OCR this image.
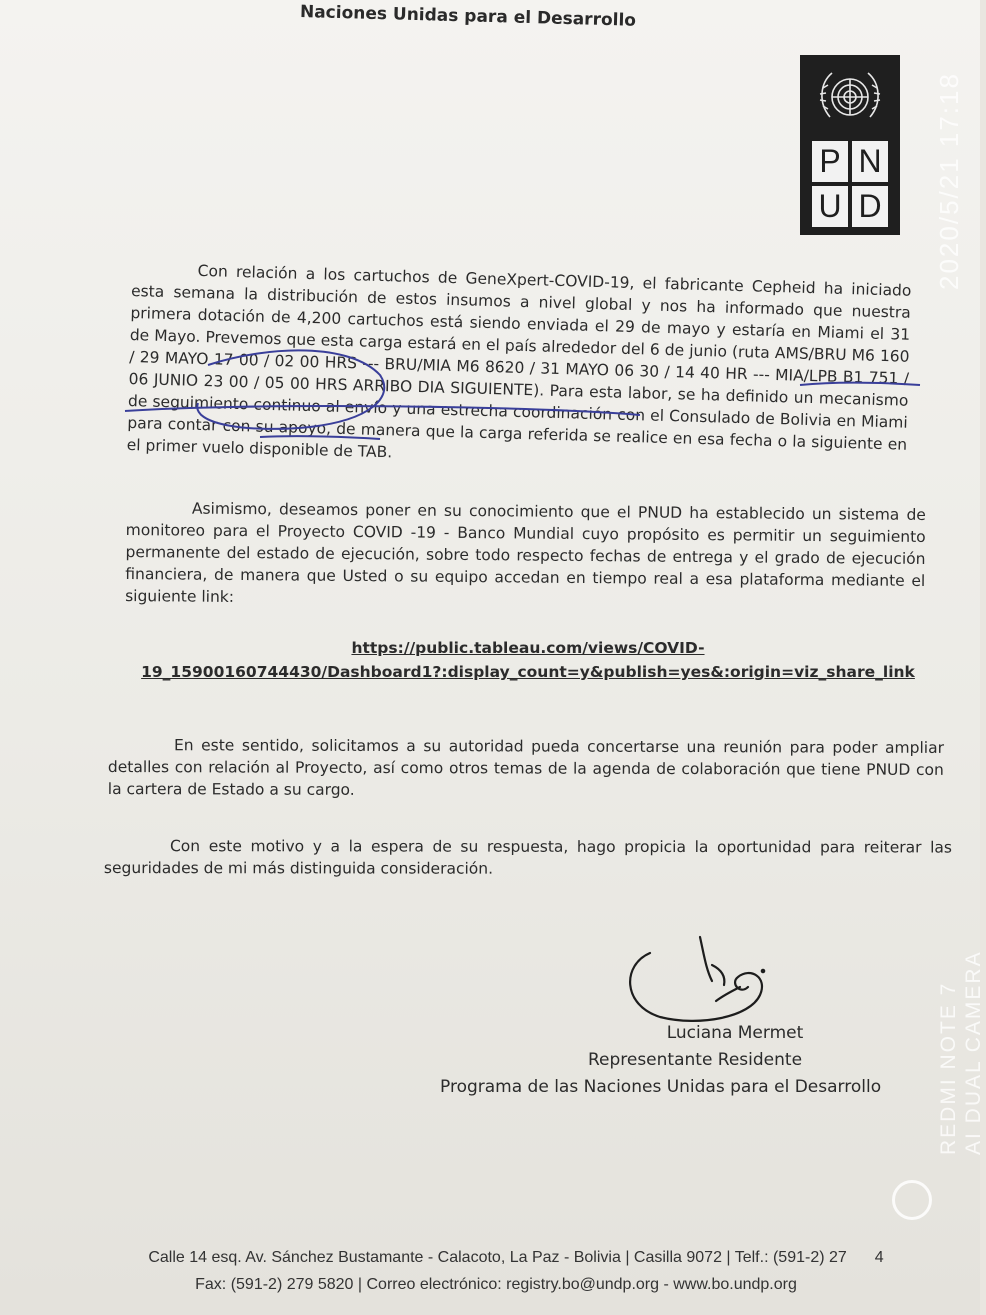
Naciones Unidas para el Desarrollo
P N
U D 2020/5/21 17:18
Con relación a los cartuchos de GeneXpert-COVID-19, el fabricante Cepheid ha iniciado esta semana la distribución de estos insumos a nivel global y nos ha informado que nuestra primera dotación de 4,200 cartuchos está siendo enviada el 29 de mayo y estaría en Miami el 31 de Mayo. Prevemos que esta carga estará en el país alrededor del 6 de junio (ruta AMS/BRU M6 160 / 29 MAYO 17 00 / 02 00 HRS --- BRU/MIA M6 8620 / 31 MAYO 06 30 / 14 40 HR --- MIA/LPB B1 751 / 06 JUNIO 23 00 / 05 00 HRS ARRIBO DIA SIGUIENTE). Para esta labor, se ha definido un mecanismo de seguimiento continuo al envío y una estrecha coordinación con el Consulado de Bolivia en Miami para contar con su apoyo, de manera que la carga referida se realice en esa fecha o la siguiente en el primer vuelo disponible de TAB.
Asimismo, deseamos poner en su conocimiento que el PNUD ha establecido un sistema de monitoreo para el Proyecto COVID -19 - Banco Mundial cuyo propósito es permitir un seguimiento permanente del estado de ejecución, sobre todo respecto fechas de entrega y el grado de ejecución financiera, de manera que Usted o su equipo accedan en tiempo real a esa plataforma mediante el siguiente link:
https://public.tableau.com/views/COVID-
19_15900160744430/Dashboard1?:display_count=y&publish=yes&:origin=viz_share_link
En este sentido, solicitamos a su autoridad pueda concertarse una reunión para poder ampliar detalles con relación al Proyecto, así como otros temas de la agenda de colaboración que tiene PNUD con la cartera de Estado a su cargo.
Con este motivo y a la espera de su respuesta, hago propicia la oportunidad para reiterar las seguridades de mi más distinguida consideración.
Luciana Mermet
Representante Residente
Programa de las Naciones Unidas para el Desarrollo	REDMI NOTE 7 AI DUAL CAMERA
Calle 14 esq. Av. Sánchez Bustamante - Calacoto, La Paz - Bolivia | Casilla 9072 | Telf.: (591-2) 27 4
Fax: (591-2) 279 5820 | Correo electrónico: registry.bo@undp.org - www.bo.undp.org
